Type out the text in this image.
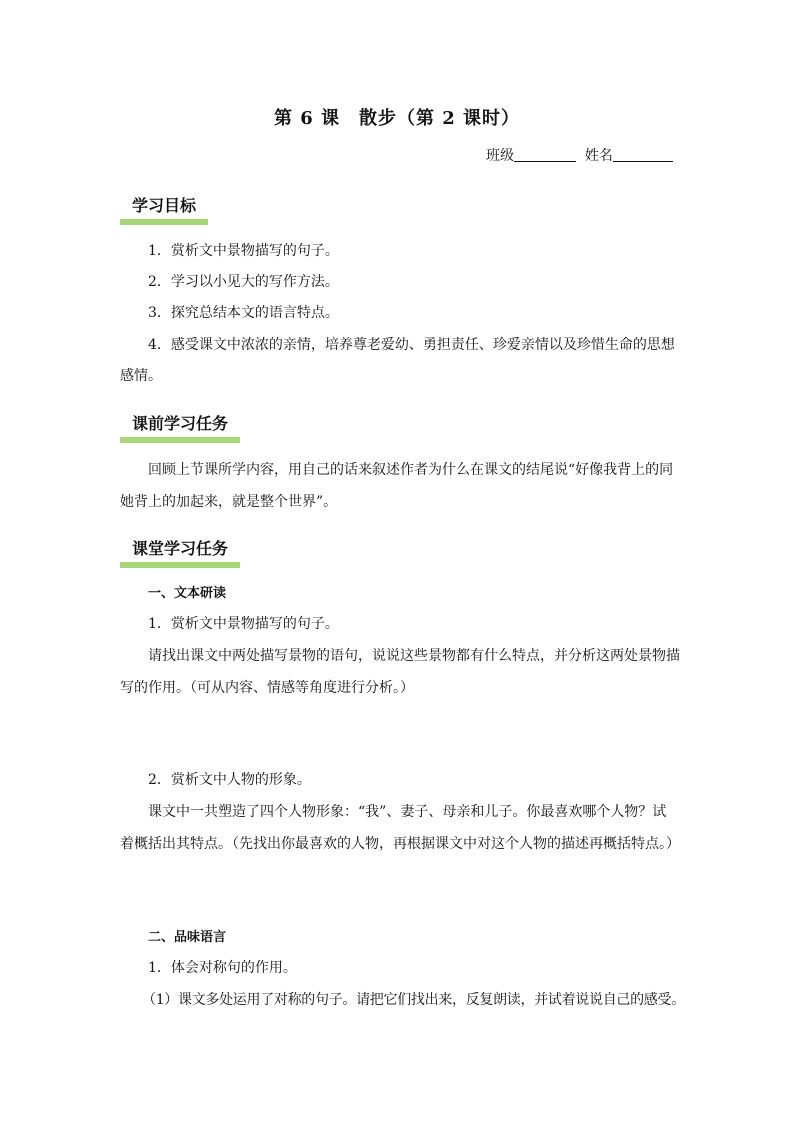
第 6 课　散步（第 2 课时）
班级	姓名
学习目标
1．赏析文中景物描写的句子。
2．学习以小见大的写作方法。
3．探究总结本文的语言特点。
4．感受课文中浓浓的亲情，培养尊老爱幼、勇担责任、珍爱亲情以及珍惜生命的思想
感情。
课前学习任务
回顾上节课所学内容，用自己的话来叙述作者为什么在课文的结尾说“好像我背上的同
她背上的加起来，就是整个世界”。
课堂学习任务
一、文本研读
1．赏析文中景物描写的句子。
请找出课文中两处描写景物的语句，说说这些景物都有什么特点，并分析这两处景物描
写的作用。（可从内容、情感等角度进行分析。）
2．赏析文中人物的形象。
课文中一共塑造了四个人物形象：“我”、妻子、母亲和儿子。你最喜欢哪个人物？试
着概括出其特点。（先找出你最喜欢的人物，再根据课文中对这个人物的描述再概括特点。）
二、品味语言
1．体会对称句的作用。
（1）课文多处运用了对称的句子。请把它们找出来，反复朗读，并试着说说自己的感受。
